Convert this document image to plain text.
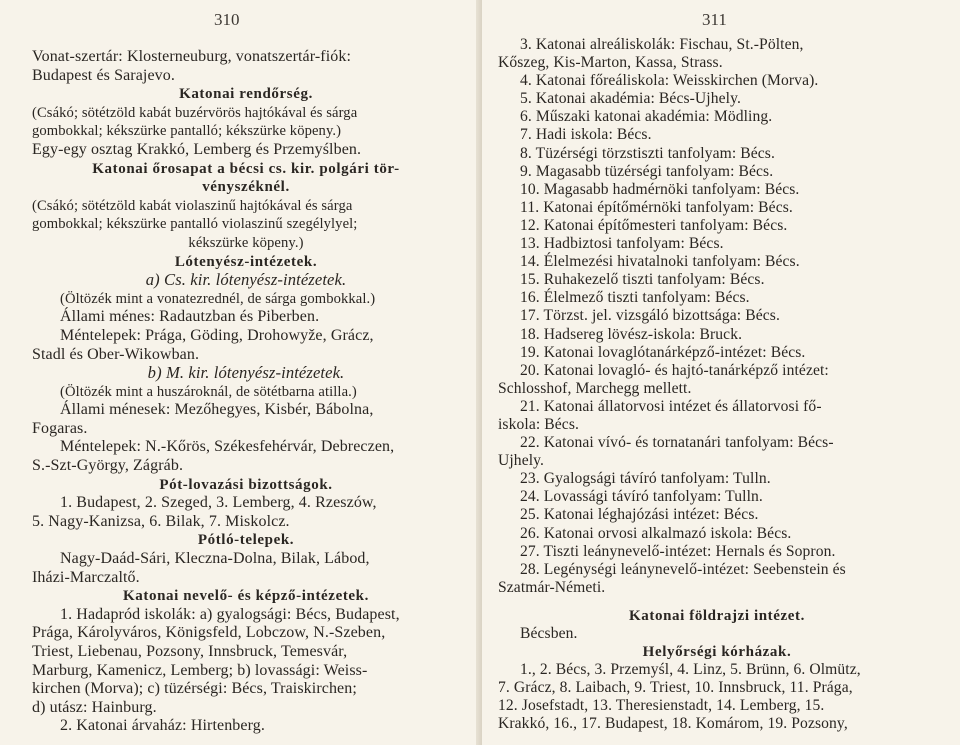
310
Vonat-szertár: Klosterneuburg, vonatszertár-fiók:
Budapest és Sarajevo.
Katonai rendőrség.
(Csákó; sötétzöld kabát buzérvörös hajtókával és sárga
gombokkal; kékszürke pantalló; kékszürke köpeny.)
Egy-egy osztag Krakkó, Lemberg és Przemyślben.
Katonai őrosapat a bécsi cs. kir. polgári tör-
vényszéknél.
(Csákó; sötétzöld kabát violaszinű hajtókával és sárga
gombokkal; kékszürke pantalló violaszinű szegélylyel;
kékszürke köpeny.)
Lótenyész-intézetek.
a) Cs. kir. lótenyész-intézetek.
(Öltözék mint a vonatezrednél, de sárga gombokkal.)
Állami ménes: Radautzban és Piberben.
Méntelepek: Prága, Göding, Drohowyže, Grácz,
Stadl és Ober-Wikowban.
b) M. kir. lótenyész-intézetek.
(Öltözék mint a huszároknál, de sötétbarna atilla.)
Állami ménesek: Mezőhegyes, Kisbér, Bábolna,
Fogaras.
Méntelepek: N.-Kőrös, Székesfehérvár, Debreczen,
S.-Szt-György, Zágráb.
Pót-lovazási bizottságok.
1. Budapest, 2. Szeged, 3. Lemberg, 4. Rzeszów,
5. Nagy-Kanizsa, 6. Bilak, 7. Miskolcz.
Pótló-telepek.
Nagy-Daád-Sári, Kleczna-Dolna, Bilak, Lábod,
Iházi-Marczaltő.
Katonai nevelő- és képző-intézetek.
1. Hadapród iskolák: a) gyalogsági: Bécs, Budapest,
Prága, Károlyváros, Königsfeld, Lobczow, N.-Szeben,
Triest, Liebenau, Pozsony, Innsbruck, Temesvár,
Marburg, Kamenicz, Lemberg; b) lovassági: Weiss-
kirchen (Morva); c) tüzérségi: Bécs, Traiskirchen;
d) utász: Hainburg.
2. Katonai árvaház: Hirtenberg.
311
3. Katonai alreáliskolák: Fischau, St.-Pölten,
Kőszeg, Kis-Marton, Kassa, Strass.
4. Katonai főreáliskola: Weisskirchen (Morva).
5. Katonai akadémia: Bécs-Ujhely.
6. Műszaki katonai akadémia: Mödling.
7. Hadi iskola: Bécs.
8. Tüzérségi törzstiszti tanfolyam: Bécs.
9. Magasabb tüzérségi tanfolyam: Bécs.
10. Magasabb hadmérnöki tanfolyam: Bécs.
11. Katonai építőmérnöki tanfolyam: Bécs.
12. Katonai építőmesteri tanfolyam: Bécs.
13. Hadbiztosi tanfolyam: Bécs.
14. Élelmezési hivatalnoki tanfolyam: Bécs.
15. Ruhakezelő tiszti tanfolyam: Bécs.
16. Élelmező tiszti tanfolyam: Bécs.
17. Törzst. jel. vizsgáló bizottsága: Bécs.
18. Hadsereg lövész-iskola: Bruck.
19. Katonai lovaglótanárképző-intézet: Bécs.
20. Katonai lovagló- és hajtó-tanárképző intézet:
Schlosshof, Marchegg mellett.
21. Katonai állatorvosi intézet és állatorvosi fő-
iskola: Bécs.
22. Katonai vívó- és tornatanári tanfolyam: Bécs-
Ujhely.
23. Gyalogsági távíró tanfolyam: Tulln.
24. Lovassági távíró tanfolyam: Tulln.
25. Katonai léghajózási intézet: Bécs.
26. Katonai orvosi alkalmazó iskola: Bécs.
27. Tiszti leánynevelő-intézet: Hernals és Sopron.
28. Legénységi leánynevelő-intézet: Seebenstein és
Szatmár-Németi.
Katonai földrajzi intézet.
Bécsben.
Helyőrségi kórházak.
1., 2. Bécs, 3. Przemyśl, 4. Linz, 5. Brünn, 6. Olmütz,
7. Grácz, 8. Laibach, 9. Triest, 10. Innsbruck, 11. Prága,
12. Josefstadt, 13. Theresienstadt, 14. Lemberg, 15.
Krakkó, 16., 17. Budapest, 18. Komárom, 19. Pozsony,
